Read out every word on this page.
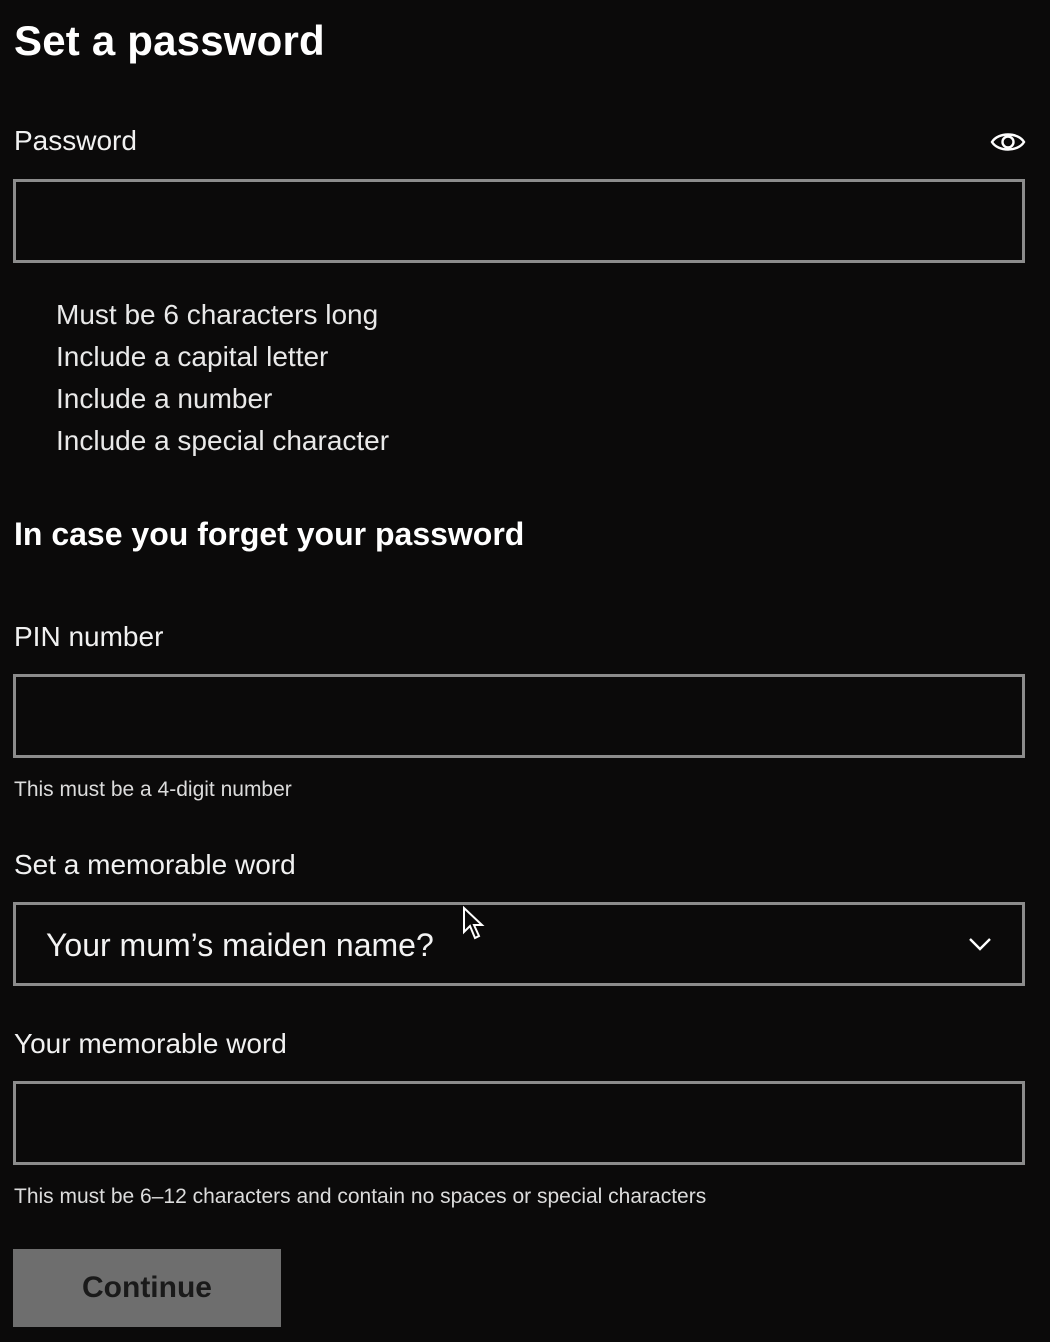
Set a password
Password
Must be 6 characters long
Include a capital letter
Include a number
Include a special character
In case you forget your password
PIN number
This must be a 4-digit number
Set a memorable word
Your mum’s maiden name?
Your memorable word
This must be 6–12 characters and contain no spaces or special characters
Continue
